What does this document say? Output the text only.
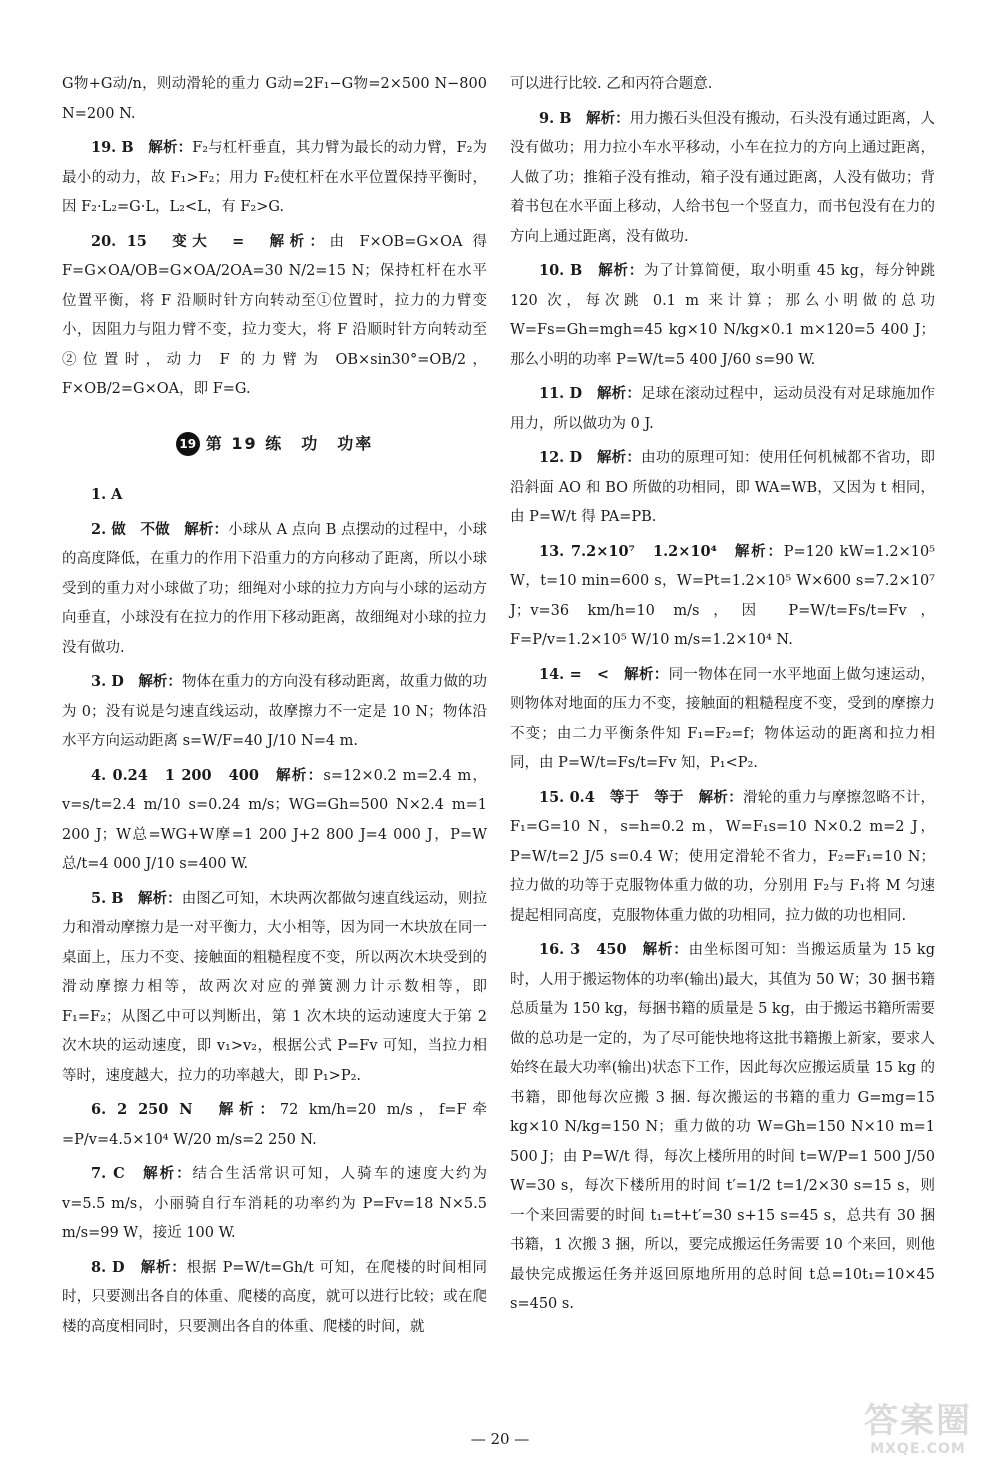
G物+G动/n，则动滑轮的重力 G动=2F₁−G物=2×500 N−800 N=200 N.

19. B　解析：F₂与杠杆垂直，其力臂为最长的动力臂，F₂为最小的动力，故 F₁>F₂；用力 F₂使杠杆在水平位置保持平衡时，因 F₂·L₂=G·L，L₂<L，有 F₂>G.

20. 15　变大　=　解析：由 F×OB=G×OA 得 F=G×OA/OB=G×OA/2OA=30 N/2=15 N；保持杠杆在水平位置平衡，将 F 沿顺时针方向转动至①位置时，拉力的力臂变小，因阻力与阻力臂不变，拉力变大，将 F 沿顺时针方向转动至②位置时，动力 F 的力臂为 OB×sin30°=OB/2，F×OB/2=G×OA，即 F=G.

19 第 19 练　功　功率

1. A

2. 做　不做　解析：小球从 A 点向 B 点摆动的过程中，小球的高度降低，在重力的作用下沿重力的方向移动了距离，所以小球受到的重力对小球做了功；细绳对小球的拉力方向与小球的运动方向垂直，小球没有在拉力的作用下移动距离，故细绳对小球的拉力没有做功.

3. D　解析：物体在重力的方向没有移动距离，故重力做的功为 0；没有说是匀速直线运动，故摩擦力不一定是 10 N；物体沿水平方向运动距离 s=W/F=40 J/10 N=4 m.

4. 0.24　1 200　400　解析：s=12×0.2 m=2.4 m，v=s/t=2.4 m/10 s=0.24 m/s；WG=Gh=500 N×2.4 m=1 200 J；W总=WG+W摩=1 200 J+2 800 J=4 000 J，P=W总/t=4 000 J/10 s=400 W.

5. B　解析：由图乙可知，木块两次都做匀速直线运动，则拉力和滑动摩擦力是一对平衡力，大小相等，因为同一木块放在同一桌面上，压力不变、接触面的粗糙程度不变，所以两次木块受到的滑动摩擦力相等，故两次对应的弹簧测力计示数相等，即 F₁=F₂；从图乙中可以判断出，第 1 次木块的运动速度大于第 2 次木块的运动速度，即 v₁>v₂，根据公式 P=Fv 可知，当拉力相等时，速度越大，拉力的功率越大，即 P₁>P₂.

6. 2 250 N　解析：72 km/h=20 m/s，f=F牵=P/v=4.5×10⁴ W/20 m/s=2 250 N.

7. C　解析：结合生活常识可知，人骑车的速度大约为 v=5.5 m/s，小丽骑自行车消耗的功率约为 P=Fv=18 N×5.5 m/s=99 W，接近 100 W.

8. D　解析：根据 P=W/t=Gh/t 可知，在爬楼的时间相同时，只要测出各自的体重、爬楼的高度，就可以进行比较；或在爬楼的高度相同时，只要测出各自的体重、爬楼的时间，就

可以进行比较. 乙和丙符合题意.

9. B　解析：用力搬石头但没有搬动，石头没有通过距离，人没有做功；用力拉小车水平移动，小车在拉力的方向上通过距离，人做了功；推箱子没有推动，箱子没有通过距离，人没有做功；背着书包在水平面上移动，人给书包一个竖直力，而书包没有在力的方向上通过距离，没有做功.

10. B　解析：为了计算简便，取小明重 45 kg，每分钟跳 120 次，每次跳 0.1 m 来计算；那么小明做的总功 W=Fs=Gh=mgh=45 kg×10 N/kg×0.1 m×120=5 400 J；那么小明的功率 P=W/t=5 400 J/60 s=90 W.

11. D　解析：足球在滚动过程中，运动员没有对足球施加作用力，所以做功为 0 J.

12. D　解析：由功的原理可知：使用任何机械都不省功，即沿斜面 AO 和 BO 所做的功相同，即 WA=WB，又因为 t 相同，由 P=W/t 得 PA=PB.

13. 7.2×10⁷　1.2×10⁴　解析：P=120 kW=1.2×10⁵ W，t=10 min=600 s，W=Pt=1.2×10⁵ W×600 s=7.2×10⁷ J；v=36 km/h=10 m/s，因 P=W/t=Fs/t=Fv，F=P/v=1.2×10⁵ W/10 m/s=1.2×10⁴ N.

14. =　<　解析：同一物体在同一水平地面上做匀速运动，则物体对地面的压力不变，接触面的粗糙程度不变，受到的摩擦力不变；由二力平衡条件知 F₁=F₂=f；物体运动的距离和拉力相同，由 P=W/t=Fs/t=Fv 知，P₁<P₂.

15. 0.4　等于　等于　解析：滑轮的重力与摩擦忽略不计，F₁=G=10 N，s=h=0.2 m，W=F₁s=10 N×0.2 m=2 J，P=W/t=2 J/5 s=0.4 W；使用定滑轮不省力，F₂=F₁=10 N；拉力做的功等于克服物体重力做的功，分别用 F₂与 F₁将 M 匀速提起相同高度，克服物体重力做的功相同，拉力做的功也相同.

16. 3　450　解析：由坐标图可知：当搬运质量为 15 kg 时，人用于搬运物体的功率(输出)最大，其值为 50 W；30 捆书籍总质量为 150 kg，每捆书籍的质量是 5 kg，由于搬运书籍所需要做的总功是一定的，为了尽可能快地将这批书籍搬上新家，要求人始终在最大功率(输出)状态下工作，因此每次应搬运质量 15 kg 的书籍，即他每次应搬 3 捆. 每次搬运的书籍的重力 G=mg=15 kg×10 N/kg=150 N；重力做的功 W=Gh=150 N×10 m=1 500 J；由 P=W/t 得，每次上楼所用的时间 t=W/P=1 500 J/50 W=30 s，每次下楼所用的时间 t′=1/2 t=1/2×30 s=15 s，则一个来回需要的时间 t₁=t+t′=30 s+15 s=45 s，总共有 30 捆书籍，1 次搬 3 捆，所以，要完成搬运任务需要 10 个来回，则他最快完成搬运任务并返回原地所用的总时间 t总=10t₁=10×45 s=450 s.

— 20 —	答案圈
MXQE.COM
